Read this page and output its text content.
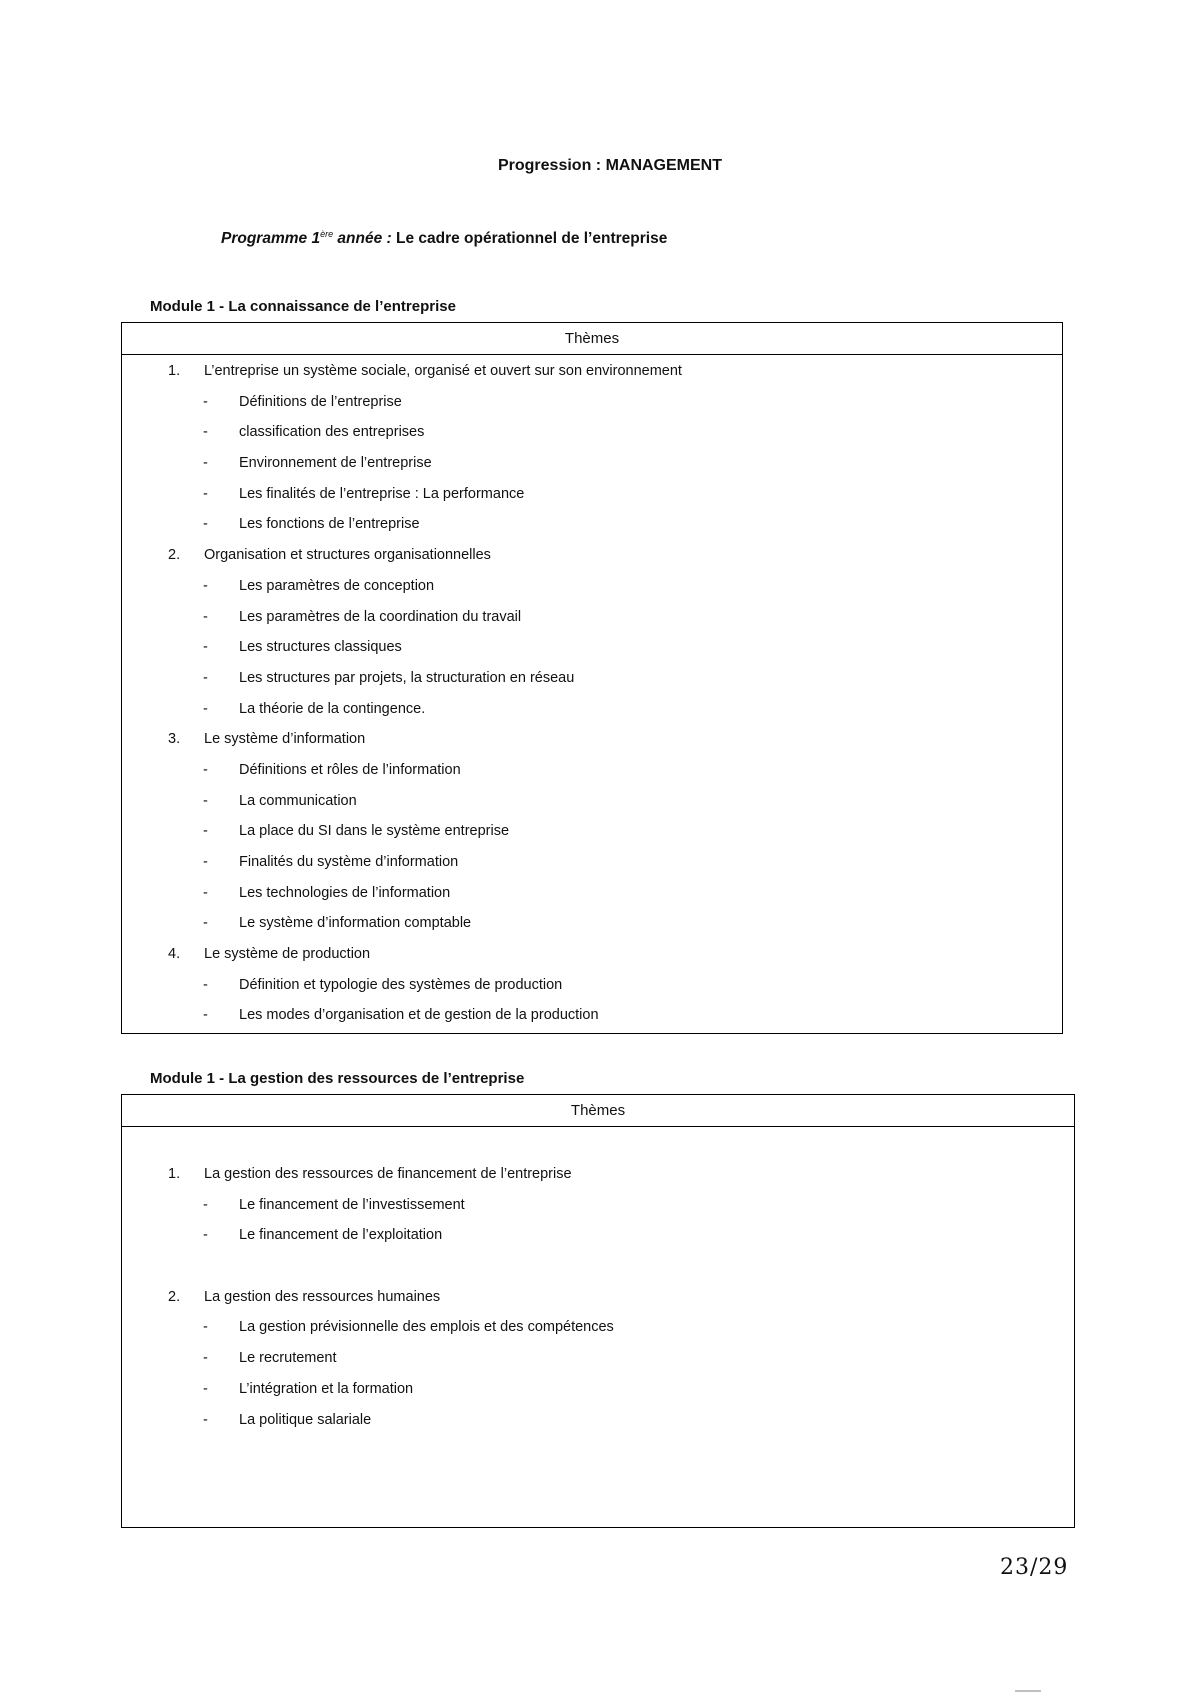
Progression : MANAGEMENT
Programme 1ère année : Le cadre opérationnel de l’entreprise
Module 1 - La connaissance de l’entreprise
Thèmes
1. L’entreprise un système sociale, organisé et ouvert sur son environnement
- Définitions de l’entreprise
- classification des entreprises
- Environnement de l’entreprise
- Les finalités de l’entreprise : La performance
- Les fonctions de l’entreprise
2. Organisation et structures organisationnelles
- Les paramètres de conception
- Les paramètres de la coordination du travail
- Les structures classiques
- Les structures par projets, la structuration en réseau
- La théorie de la contingence.
3. Le système d’information
- Définitions et rôles de l’information
- La communication
- La place du SI dans le système entreprise
- Finalités du système d’information
- Les technologies de l’information
- Le système d’information comptable
4. Le système de production
- Définition et typologie des systèmes de production
- Les modes d’organisation et de gestion de la production
Module 1 - La gestion des ressources de l’entreprise
Thèmes
1. La gestion des ressources de financement de l’entreprise
- Le financement de l’investissement
- Le financement de l’exploitation
2. La gestion des ressources humaines
- La gestion prévisionnelle des emplois et des compétences
- Le recrutement
- L’intégration et la formation
- La politique salariale
23/29
